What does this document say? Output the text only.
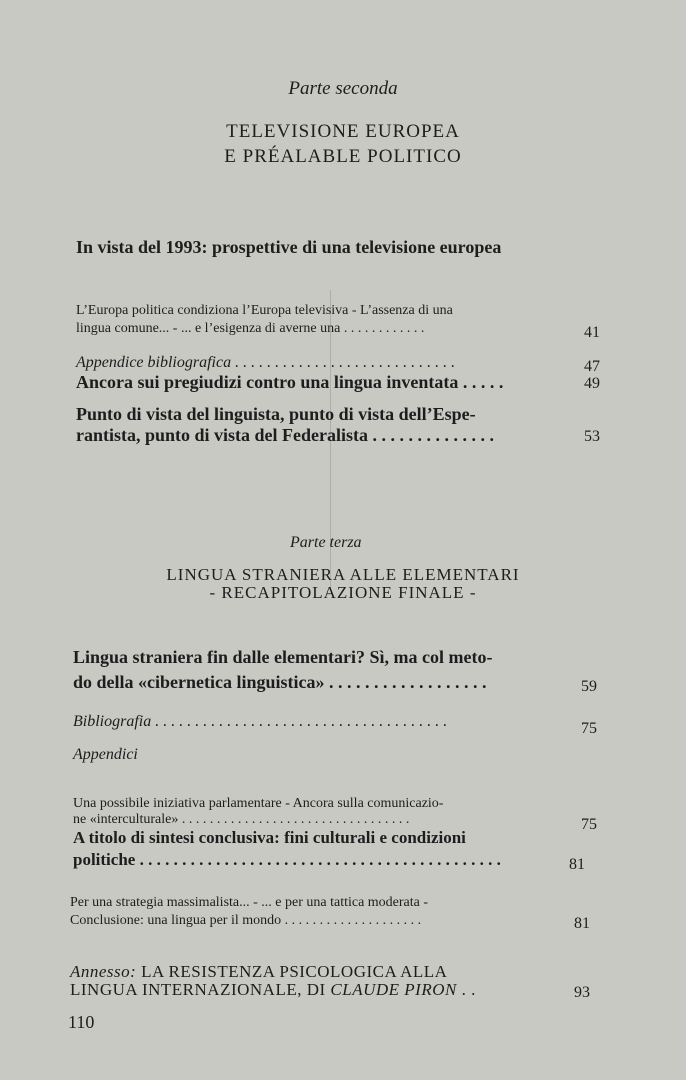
Parte seconda
TELEVISIONE EUROPEA
E PRÉALABLE POLITICO
In vista del 1993: prospettive di una televisione europea
L’Europa politica condiziona l’Europa televisiva - L’assenza di una
lingua comune... - ... e l’esigenza di averne una . . . . . . . . . . . .	41
Appendice bibliografica . . . . . . . . . . . . . . . . . . . . . . . . . . . .	47
Ancora sui pregiudizi contro una lingua inventata . . . . .	49
Punto di vista del linguista, punto di vista dell’Espe-
rantista, punto di vista del Federalista . . . . . . . . . . . . . .	53
Parte terza
LINGUA STRANIERA ALLE ELEMENTARI
- RECAPITOLAZIONE FINALE -
Lingua straniera fin dalle elementari? Sì, ma col meto-
do della «cibernetica linguistica» . . . . . . . . . . . . . . . . . .	59
Bibliografia . . . . . . . . . . . . . . . . . . . . . . . . . . . . . . . . . . . . .	75
Appendici
Una possibile iniziativa parlamentare - Ancora sulla comunicazio-
ne «interculturale» . . . . . . . . . . . . . . . . . . . . . . . . . . . . . . . . .	75
A titolo di sintesi conclusiva: fini culturali e condizioni
politiche . . . . . . . . . . . . . . . . . . . . . . . . . . . . . . . . . . . . . . . . . . .	81
Per una strategia massimalista... - ... e per una tattica moderata -
Conclusione: una lingua per il mondo . . . . . . . . . . . . . . . . . . . .	81
Annesso: LA RESISTENZA PSICOLOGICA ALLA
LINGUA INTERNAZIONALE, DI CLAUDE PIRON . .	93
110
